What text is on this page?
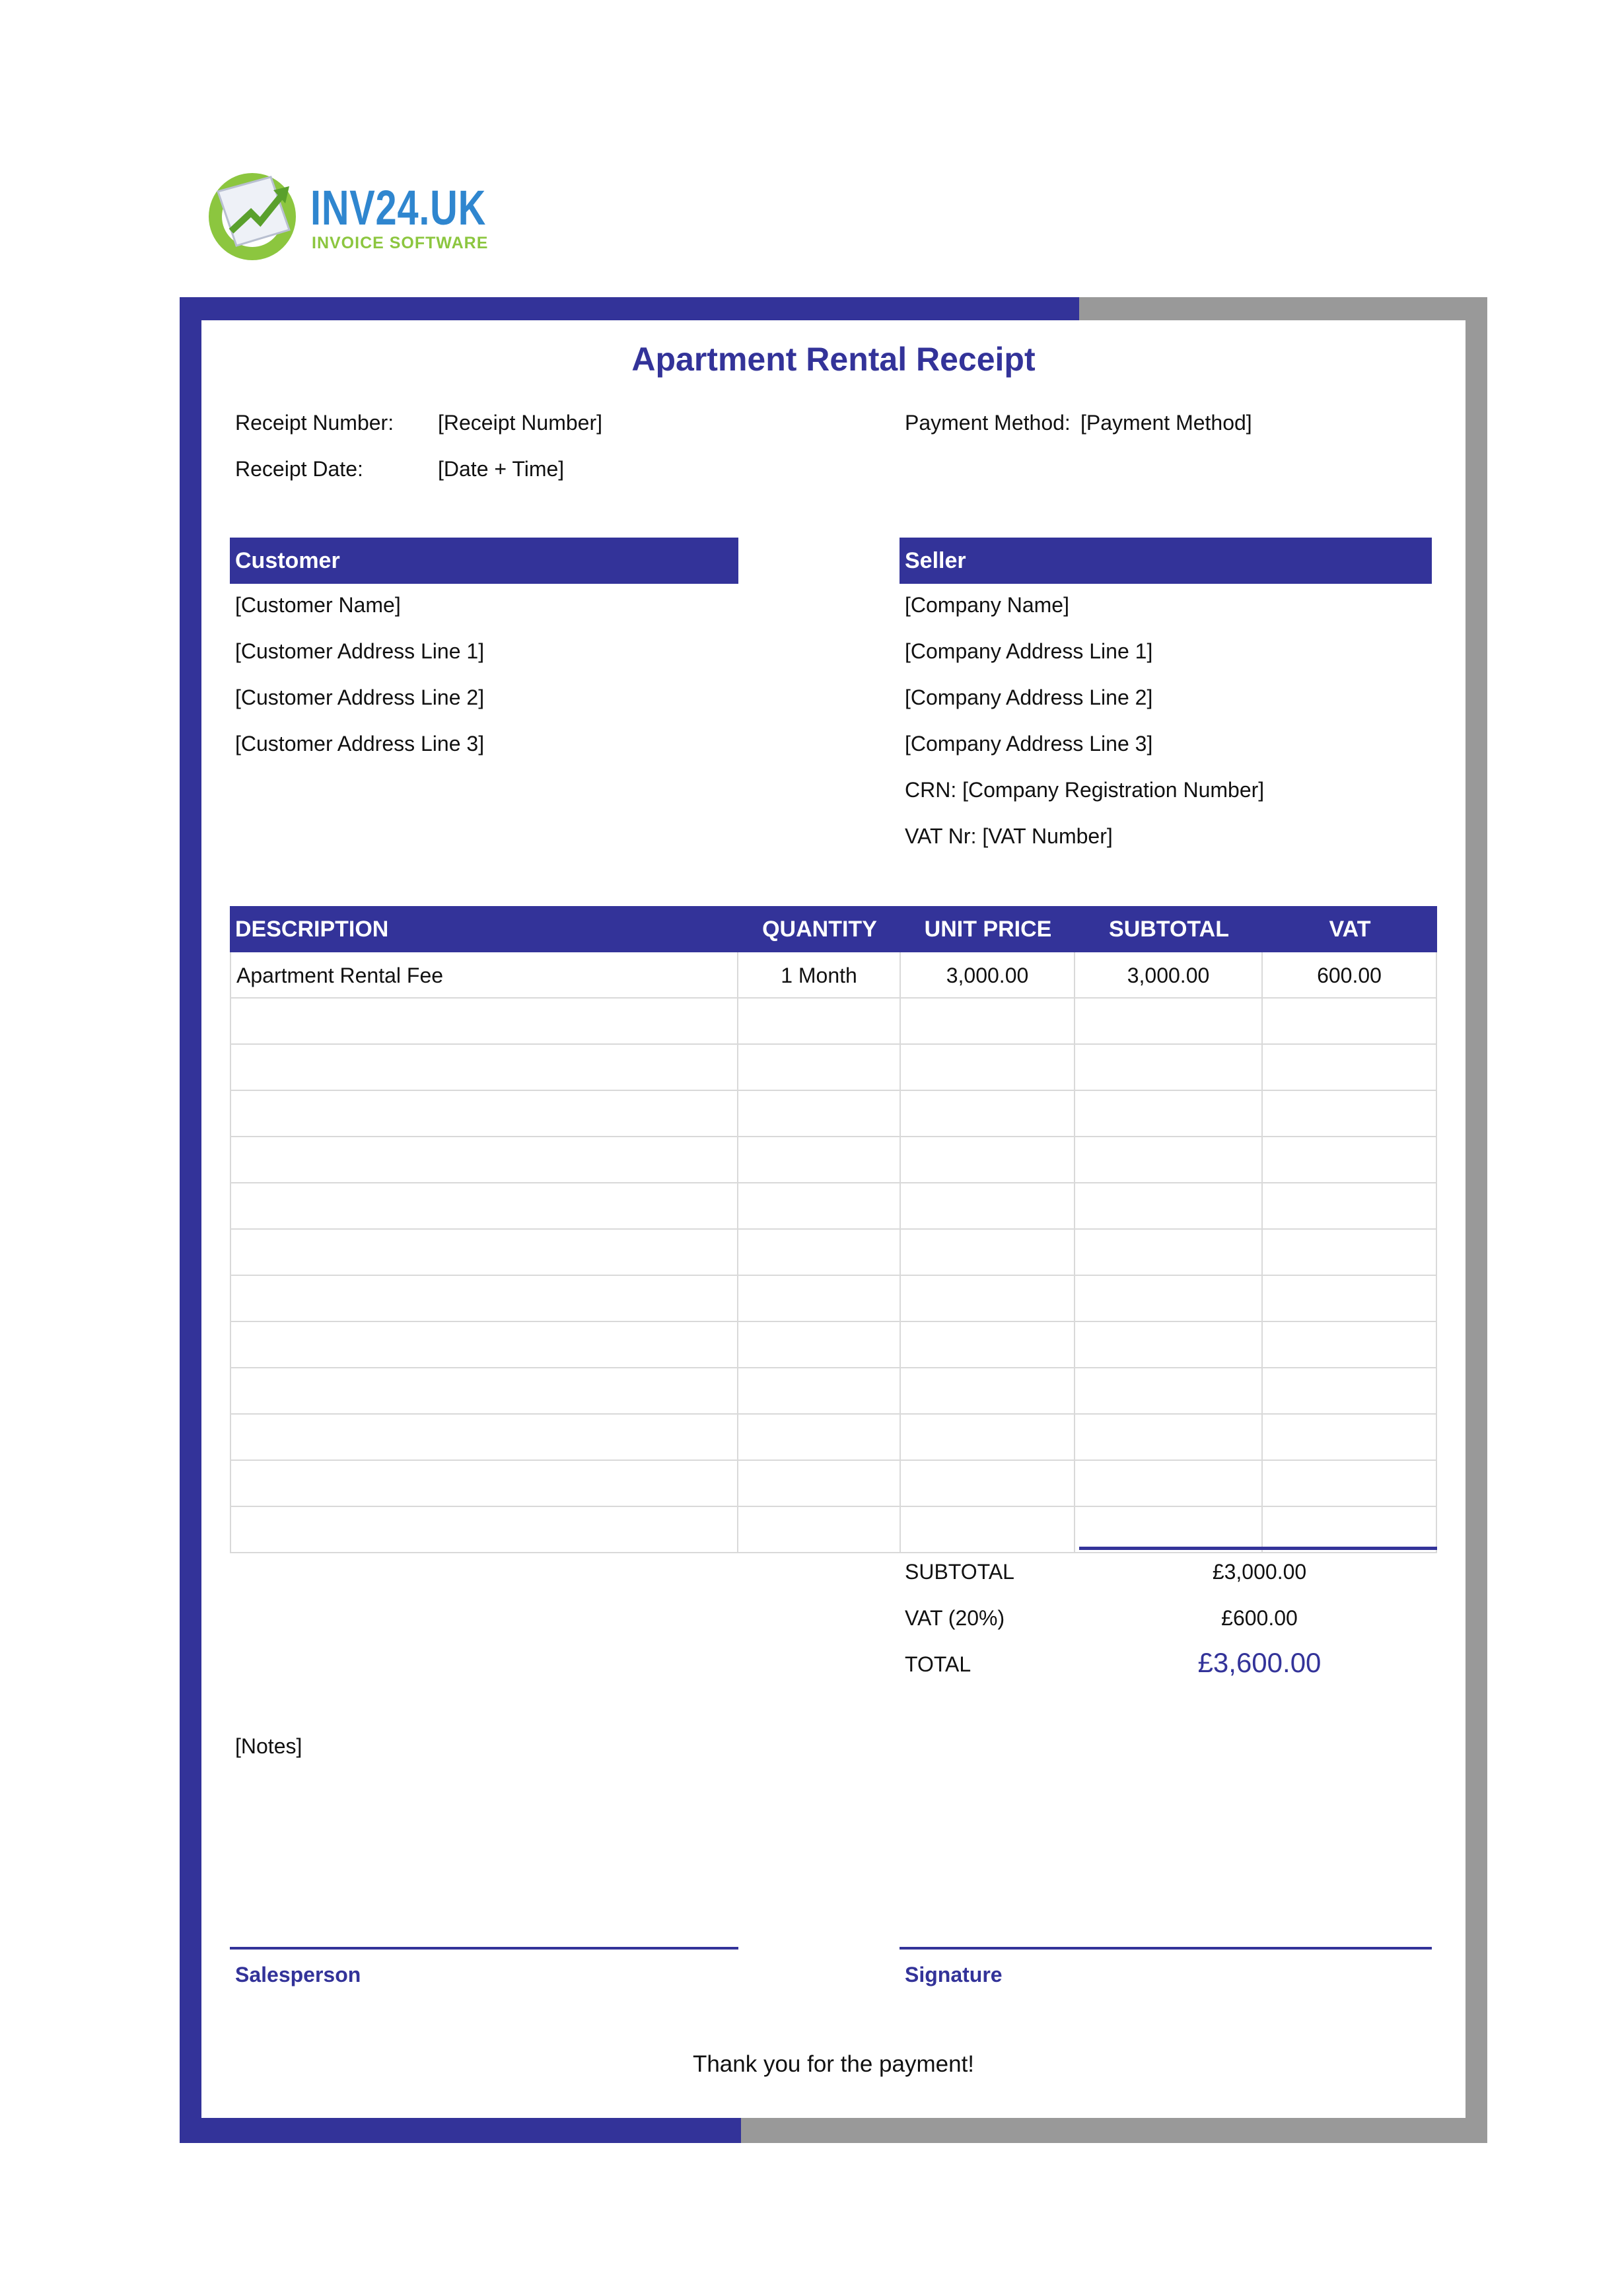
INV24.UK
INVOICE SOFTWARE
Apartment Rental Receipt
Receipt Number: [Receipt Number]
Receipt Date:	[Date + Time]
Payment Method: [Payment Method]
Customer
[Customer Name]
[Customer Address Line 1]
[Customer Address Line 2]
[Customer Address Line 3]
Seller
[Company Name]
[Company Address Line 1]
[Company Address Line 2]
[Company Address Line 3]
CRN: [Company Registration Number]
VAT Nr: [VAT Number]
DESCRIPTION	QUANTITY	UNIT PRICE	SUBTOTAL	VAT
Apartment Rental Fee	1 Month	3,000.00	3,000.00	600.00
SUBTOTAL	£3,000.00
VAT (20%)	£600.00
TOTAL	£3,600.00
[Notes]
Salesperson	Signature
Thank you for the payment!
